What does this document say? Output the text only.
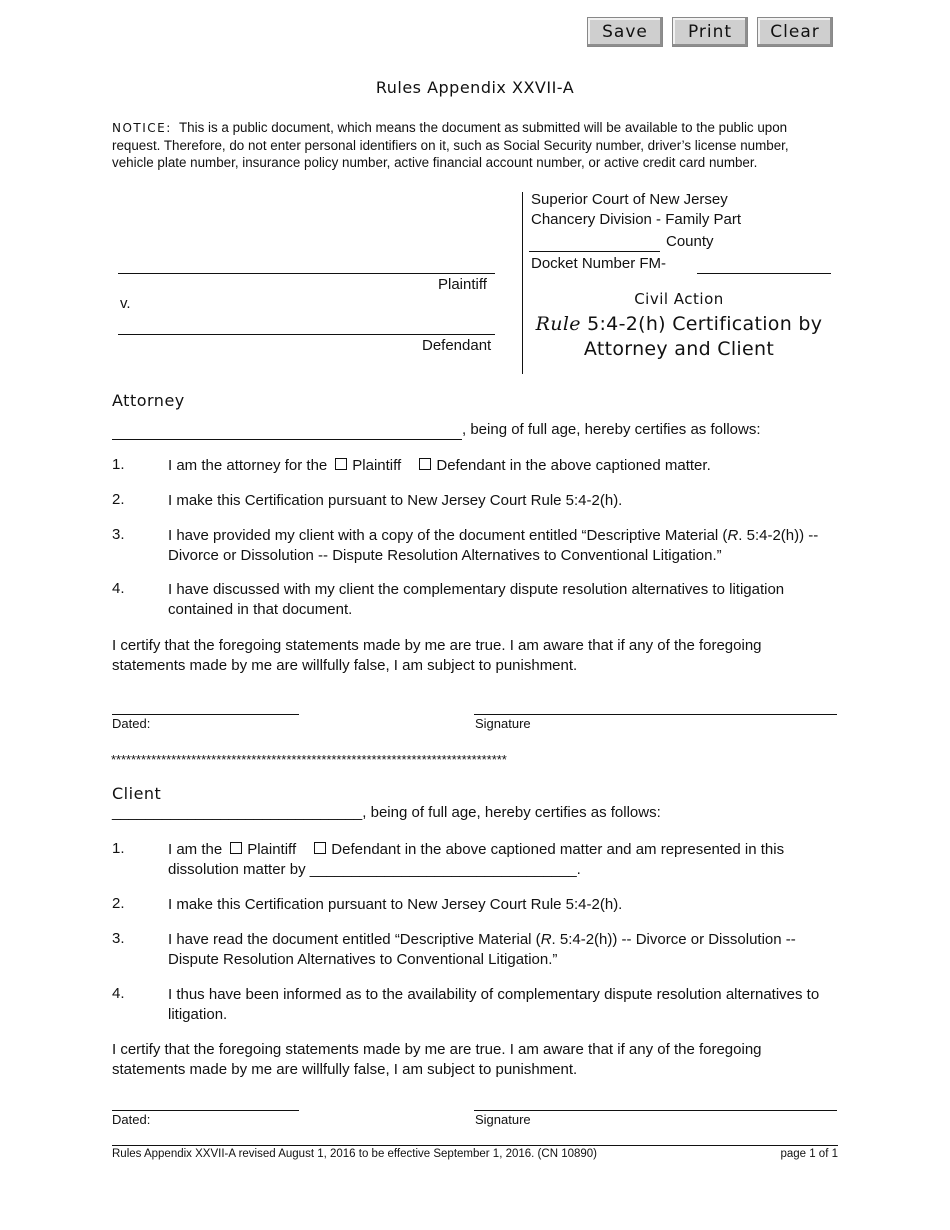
Save	Print	Clear
Rules Appendix XXVII-A
NOTICE: This is a public document, which means the document as submitted will be available to the public upon request. Therefore, do not enter personal identifiers on it, such as Social Security number, driver’s license number, vehicle plate number, insurance policy number, active financial account number, or active credit card number.
Plaintiff
v.
Defendant
Superior Court of New Jersey
Chancery Division - Family Part
County
Docket Number FM-
Civil Action
Rule 5:4-2(h) Certification by
Attorney and Client
Attorney
, being of full age, hereby certifies as follows:
1.	I am the attorney for the Plaintiff Defendant in the above captioned matter.
2.	I make this Certification pursuant to New Jersey Court Rule 5:4-2(h).
3.	I have provided my client with a copy of the document entitled “Descriptive Material (R. 5:4-2(h)) -- Divorce or Dissolution -- Dispute Resolution Alternatives to Conventional Litigation.”
4.	I have discussed with my client the complementary dispute resolution alternatives to litigation contained in that document.
I certify that the foregoing statements made by me are true. I am aware that if any of the foregoing statements made by me are willfully false, I am subject to punishment.
Dated:	Signature
*******************************************************************************
Client
______________________________, being of full age, hereby certifies as follows:
1.	I am the Plaintiff Defendant in the above captioned matter and am represented in this dissolution matter by ________________________________.
2.	I make this Certification pursuant to New Jersey Court Rule 5:4-2(h).
3.	I have read the document entitled “Descriptive Material (R. 5:4-2(h)) -- Divorce or Dissolution -- Dispute Resolution Alternatives to Conventional Litigation.”
4.	I thus have been informed as to the availability of complementary dispute resolution alternatives to litigation.
I certify that the foregoing statements made by me are true. I am aware that if any of the foregoing statements made by me are willfully false, I am subject to punishment.
Dated:	Signature
Rules Appendix XXVII-A revised August 1, 2016 to be effective September 1, 2016. (CN 10890)	page 1 of 1
